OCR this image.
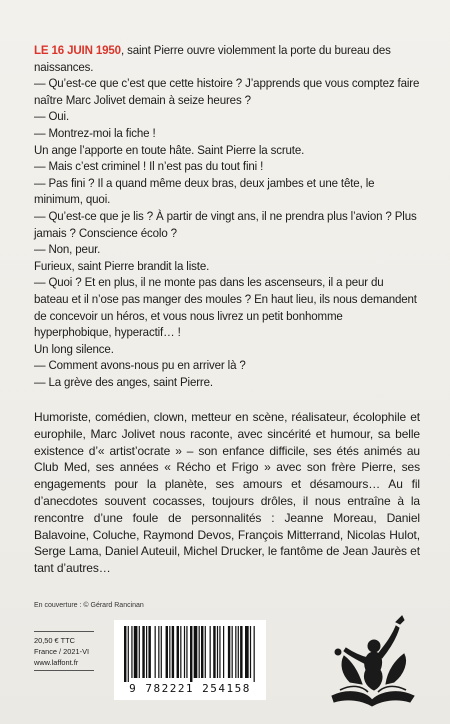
LE 16 JUIN 1950, saint Pierre ouvre violemment la porte du bureau des naissances.

— Qu’est-ce que c’est que cette histoire ? J’apprends que vous comptez faire naître Marc Jolivet demain à seize heures ?

— Oui.

— Montrez-moi la fiche !

Un ange l’apporte en toute hâte. Saint Pierre la scrute.

— Mais c’est criminel ! Il n’est pas du tout fini !

— Pas fini ? Il a quand même deux bras, deux jambes et une tête, le minimum, quoi.

— Qu’est-ce que je lis ? À partir de vingt ans, il ne prendra plus l’avion ? Plus jamais ? Conscience écolo ?

— Non, peur.

Furieux, saint Pierre brandit la liste.

— Quoi ? Et en plus, il ne monte pas dans les ascenseurs, il a peur du bateau et il n’ose pas manger des moules ? En haut lieu, ils nous demandent de concevoir un héros, et vous nous livrez un petit bonhomme hyperphobique, hyperactif… !

Un long silence.

— Comment avons-nous pu en arriver là ?

— La grève des anges, saint Pierre.

Humoriste, comédien, clown, metteur en scène, réalisateur, écolophile et europhile, Marc Jolivet nous raconte, avec sincérité et humour, sa belle existence d’« artist’ocrate » – son enfance difficile, ses étés animés au Club Med, ses années « Récho et Frigo » avec son frère Pierre, ses engagements pour la planète, ses amours et désamours… Au fil d’anecdotes souvent cocasses, toujours drôles, il nous entraîne à la rencontre d’une foule de personnalités : Jeanne Moreau, Daniel Balavoine, Coluche, Raymond Devos, François Mitterrand, Nicolas Hulot, Serge Lama, Daniel Auteuil, Michel Drucker, le fantôme de Jean Jaurès et tant d’autres…

En couverture : © Gérard Rancinan
20,50 € TTC
France / 2021-VI
www.laffont.fr
9 782221 254158
